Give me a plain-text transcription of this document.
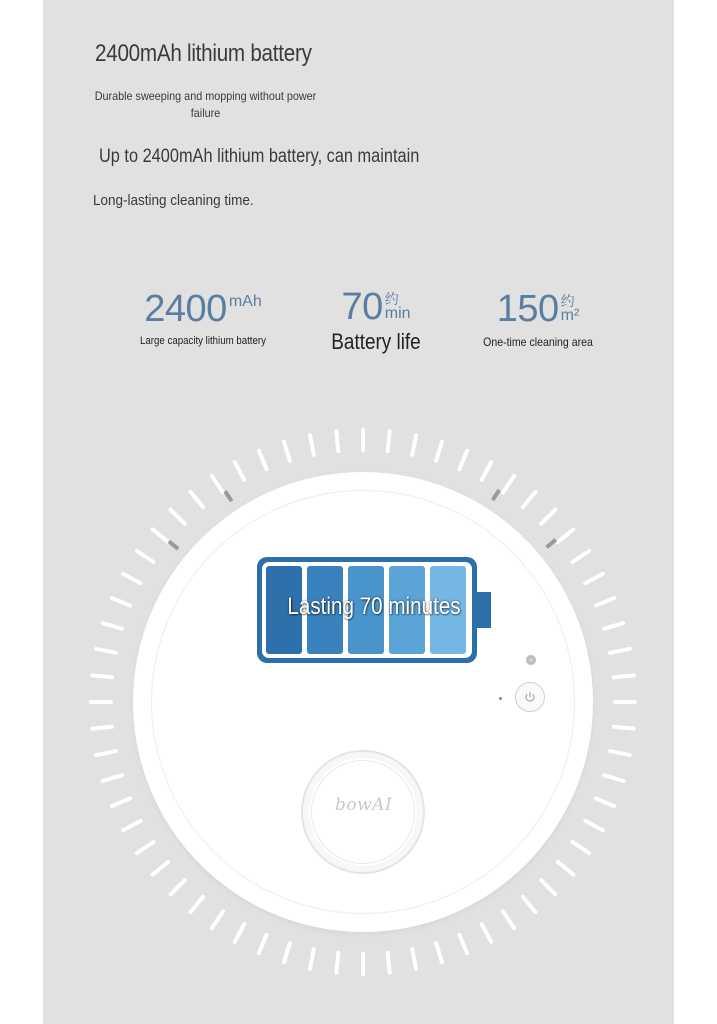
2400mAh lithium battery
Durable sweeping and mopping without power failure
Up to 2400mAh lithium battery, can maintain
Long-lasting cleaning time.
2400 mAh
Large capacity lithium battery
70 约
min
Battery life
150 约
m²
One-time cleaning area
bowAI
Lasting 70 minutes
